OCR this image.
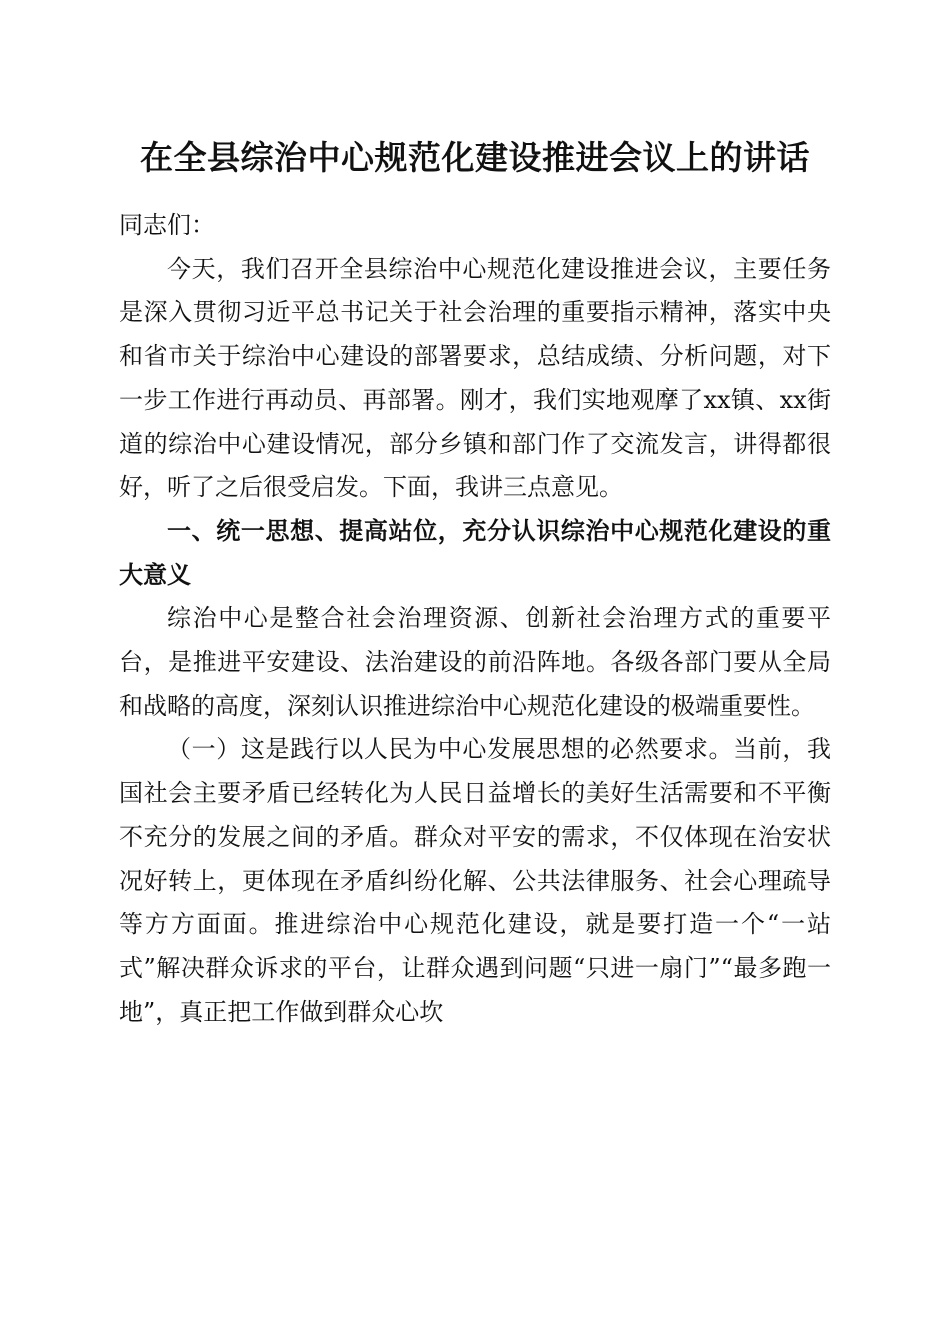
在全县综治中心规范化建设推进会议上的讲话

同志们：

今天，我们召开全县综治中心规范化建设推进会议，主要任务是深入贯彻习近平总书记关于社会治理的重要指示精神，落实中央和省市关于综治中心建设的部署要求，总结成绩、分析问题，对下一步工作进行再动员、再部署。刚才，我们实地观摩了xx镇、xx街道的综治中心建设情况，部分乡镇和部门作了交流发言，讲得都很好，听了之后很受启发。下面，我讲三点意见。

一、统一思想、提高站位，充分认识综治中心规范化建设的重大意义

综治中心是整合社会治理资源、创新社会治理方式的重要平台，是推进平安建设、法治建设的前沿阵地。各级各部门要从全局和战略的高度，深刻认识推进综治中心规范化建设的极端重要性。

（一）这是践行以人民为中心发展思想的必然要求。当前，我国社会主要矛盾已经转化为人民日益增长的美好生活需要和不平衡不充分的发展之间的矛盾。群众对平安的需求，不仅体现在治安状况好转上，更体现在矛盾纠纷化解、公共法律服务、社会心理疏导等方方面面。推进综治中心规范化建设，就是要打造一个“一站式”解决群众诉求的平台，让群众遇到问题“只进一扇门”“最多跑一地”，真正把工作做到群众心坎
